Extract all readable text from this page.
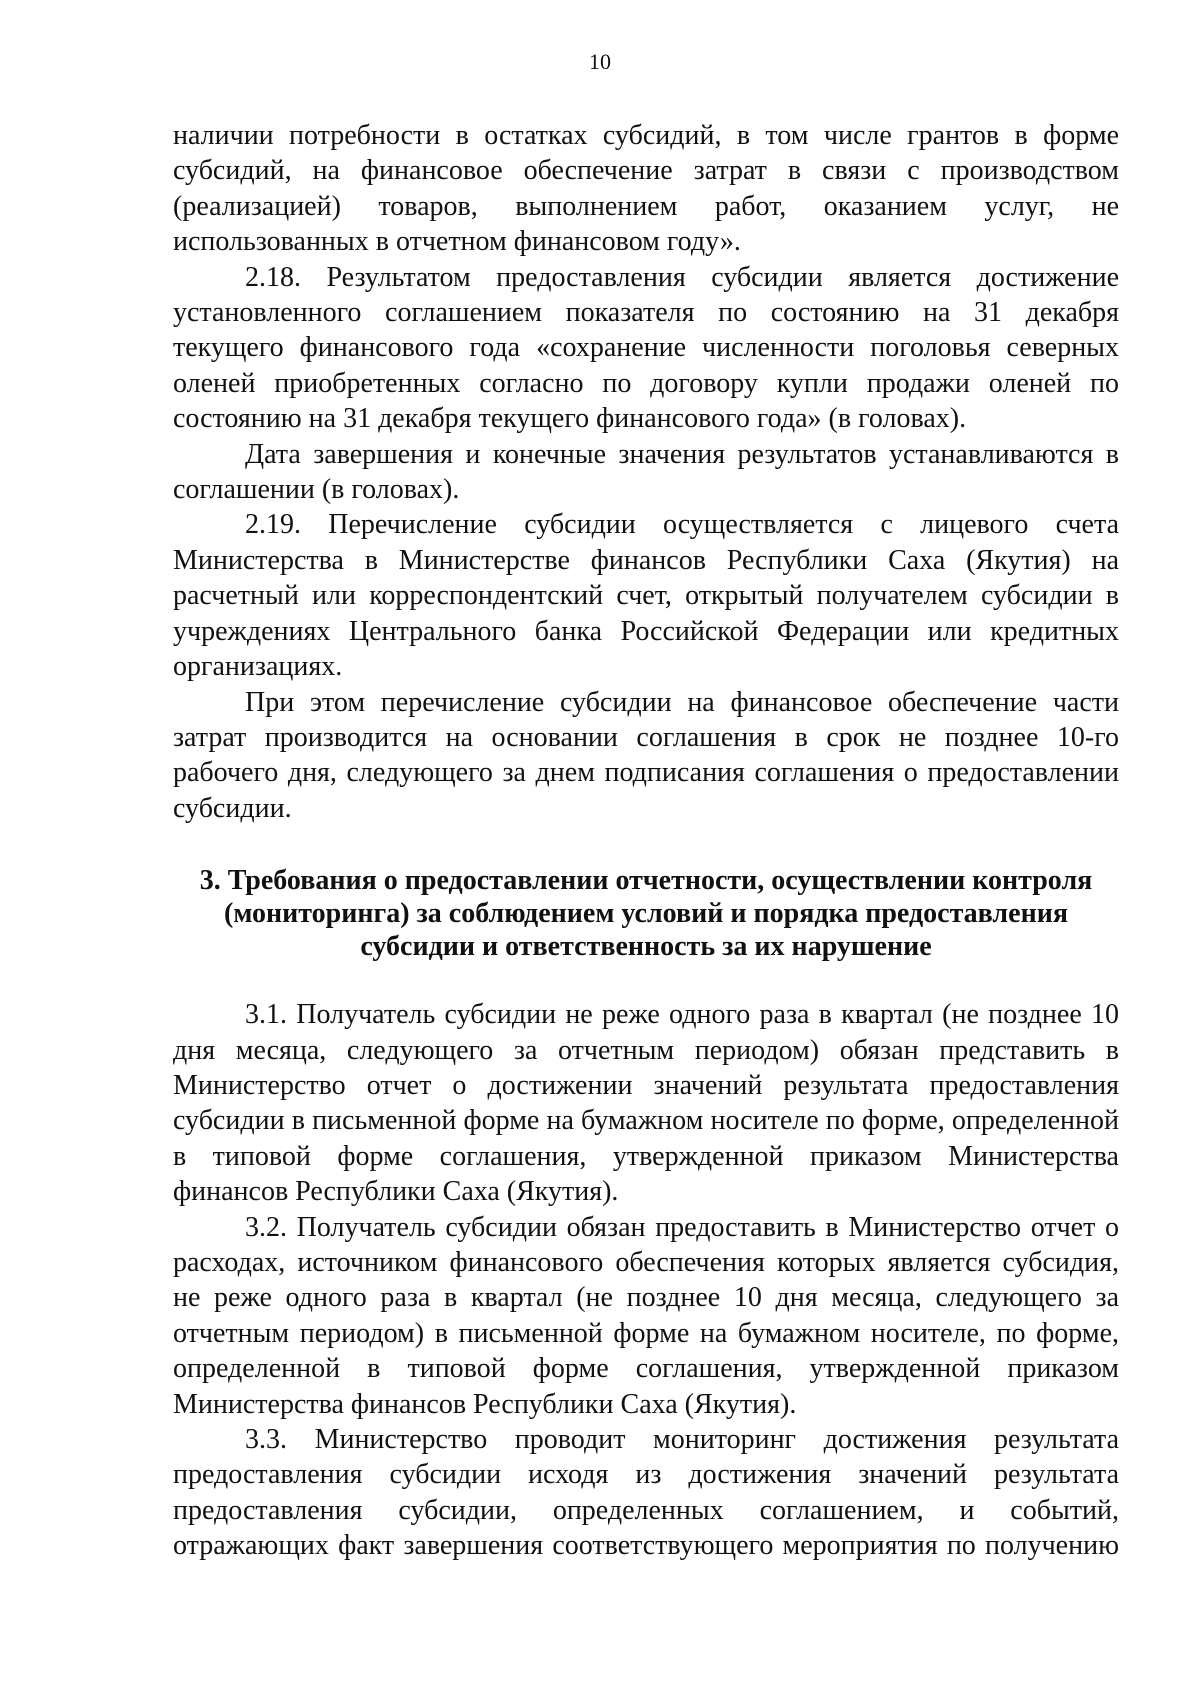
10

наличии потребности в остатках субсидий, в том числе грантов в форме субсидий, на финансовое обеспечение затрат в связи с производством (реализацией) товаров, выполнением работ, оказанием услуг, не использованных в отчетном финансовом году».

2.18. Результатом предоставления субсидии является достижение установленного соглашением показателя по состоянию на 31 декабря текущего финансового года «сохранение численности поголовья северных оленей приобретенных согласно по договору купли продажи оленей по состоянию на 31 декабря текущего финансового года» (в головах).

Дата завершения и конечные значения результатов устанавливаются в соглашении (в головах).

2.19. Перечисление субсидии осуществляется с лицевого счета Министерства в Министерстве финансов Республики Саха (Якутия) на расчетный или корреспондентский счет, открытый получателем субсидии в учреждениях Центрального банка Российской Федерации или кредитных организациях.

При этом перечисление субсидии на финансовое обеспечение части затрат производится на основании соглашения в срок не позднее 10-го рабочего дня, следующего за днем подписания соглашения о предоставлении субсидии.

3. Требования о предоставлении отчетности, осуществлении контроля
(мониторинга) за соблюдением условий и порядка предоставления
субсидии и ответственность за их нарушение

3.1. Получатель субсидии не реже одного раза в квартал (не позднее 10 дня месяца, следующего за отчетным периодом) обязан представить в Министерство отчет о достижении значений результата предоставления субсидии в письменной форме на бумажном носителе по форме, определенной в типовой форме соглашения, утвержденной приказом Министерства финансов Республики Саха (Якутия).

3.2. Получатель субсидии обязан предоставить в Министерство отчет о расходах, источником финансового обеспечения которых является субсидия, не реже одного раза в квартал (не позднее 10 дня месяца, следующего за отчетным периодом) в письменной форме на бумажном носителе, по форме, определенной в типовой форме соглашения, утвержденной приказом Министерства финансов Республики Саха (Якутия).

3.3. Министерство проводит мониторинг достижения результата предоставления субсидии исходя из достижения значений результата предоставления субсидии, определенных соглашением, и событий, отражающих факт завершения соответствующего мероприятия по получению
